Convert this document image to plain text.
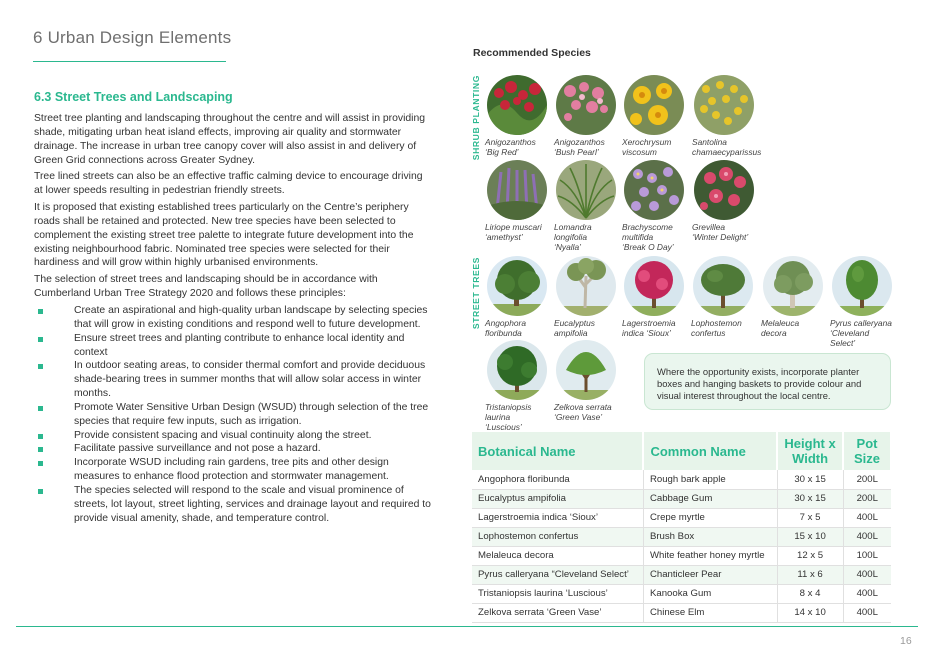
6 Urban Design Elements
6.3 Street Trees and Landscaping

Street tree planting and landscaping throughout the centre and will assist in providing shade, mitigating urban heat island effects, improving air quality and stormwater drainage. The increase in urban tree canopy cover will also assist in and delivery of Green Grid connections across Greater Sydney.

Tree lined streets can also be an effective traffic calming device to encourage driving at lower speeds resulting in pedestrian friendly streets.

It is proposed that existing established trees particularly on the Centre’s periphery roads shall be retained and protected. New tree species have been selected to complement the existing street tree palette to integrate future development into the existing neighbourhood fabric. Nominated tree species were selected for their hardiness and will grow within highly urbanised environments.

The selection of street trees and landscaping should be in accordance with Cumberland Urban Tree Strategy 2020 and follows these principles:

Create an aspirational and high-quality urban landscape by selecting species that will grow in existing conditions and respond well to future development.
Ensure street trees and planting contribute to enhance local identity and context
In outdoor seating areas, to consider thermal comfort and provide deciduous shade-bearing trees in summer months that will allow solar access in winter months.
Promote Water Sensitive Urban Design (WSUD) through selection of the tree species that require few inputs, such as irrigation.
Provide consistent spacing and visual continuity along the street.
Facilitate passive surveillance and not pose a hazard.
Incorporate WSUD including rain gardens, tree pits and other design measures to enhance flood protection and stormwater management.
The species selected will respond to the scale and visual prominence of streets, lot layout, street lighting, services and drainage layout and required to provide visual amenity, shade, and temperature control.
Recommended Species
SHRUB PLANTING
STREET TREES
Anigozanthos
‘Big Red’
Anigozanthos
‘Bush Pearl’
Xerochrysum
viscosum
Santolina
chamaecyparissus
Liriope muscari
‘amethyst’
Lomandra
longifolia
‘Nyalla’
Brachyscome
multifida
‘Break O Day’
Grevillea
‘Winter Delight’
Angophora
floribunda
Eucalyptus
ampifolia
Lagerstroemia
indica ‘Sioux’
Lophostemon
confertus
Melaleuca
decora
Pyrus calleryana
‘Cleveland
Select’
Tristaniopsis
laurina
‘Luscious’
Zelkova serrata
‘Green Vase’
Where the opportunity exists, incorporate planter boxes and hanging baskets to provide colour and visual interest throughout the local centre.
Botanical Name	Common Name	Height x Width	Pot Size
Angophora floribunda	Rough bark apple	30 x 15	200L
Eucalyptus ampifolia	Cabbage Gum	30 x 15	200L
Lagerstroemia indica ‘Sioux’	Crepe myrtle	7 x 5	400L
Lophostemon confertus	Brush Box	15 x 10	400L
Melaleuca decora	White feather honey myrtle	12 x 5	100L
Pyrus calleryana “Cleveland Select’	Chanticleer Pear	11 x 6	400L
Tristaniopsis laurina ‘Luscious’	Kanooka Gum	8 x 4	400L
Zelkova serrata ‘Green Vase’	Chinese Elm	14 x 10	400L
16
